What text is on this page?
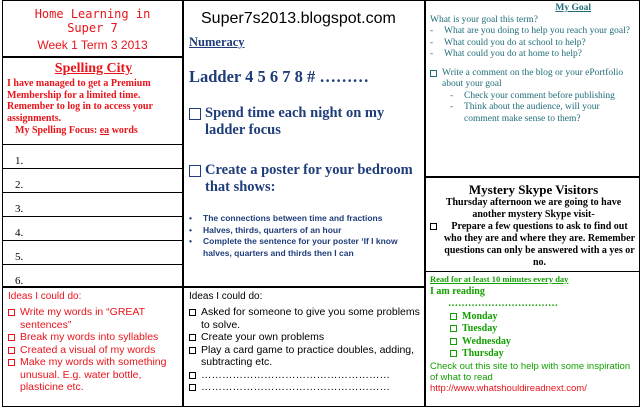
Home Learning in
Super 7
Week 1 Term 3 2013
Spelling City
I have managed to get a Premium Membership for a limited time. Remember to log in to access your assignments.
My Spelling Focus: ea words
1.
2.
3.
4.
5.
6.
Ideas I could do:
Write my words in “GREAT sentences”
Break my words into syllables
Created a visual of my words
Make my words with something unusual. E.g. water bottle, plasticine etc.
Super7s2013.blogspot.com
Numeracy
Ladder 4 5 6 7 8 # ………
Spend time each night on my ladder focus
Create a poster for your bedroom that shows:
•	The connections between time and fractions
•	Halves, thirds, quarters of an hour
•	Complete the sentence for your poster ‘If I know halves, quarters and thirds then I can
Ideas I could do:
Asked for someone to give you some problems to solve.
Create your own problems
Play a card game to practice doubles, adding, subtracting etc.
………………………………………………
………………………………………………
My Goal
What is your goal this term?
-	What are you doing to help you reach your goal?
-	What could you do at school to help?
-	What could you do at home to help?
Write a comment on the blog or your ePortfolio about your goal
-	Check your comment before publishing
-	Think about the audience, will your comment make sense to them?
Mystery Skype Visitors
Thursday afternoon we are going to have another mystery Skype visit-
Prepare a few questions to ask to find out who they are and where they are. Remember questions can only be answered with a yes or no.
Read for at least 10 minutes every day
I am reading
……………………………
Monday
Tuesday
Wednesday
Thursday
Check out this site to help with some inspiration of what to read
http://www.whatshouldireadnext.com/
